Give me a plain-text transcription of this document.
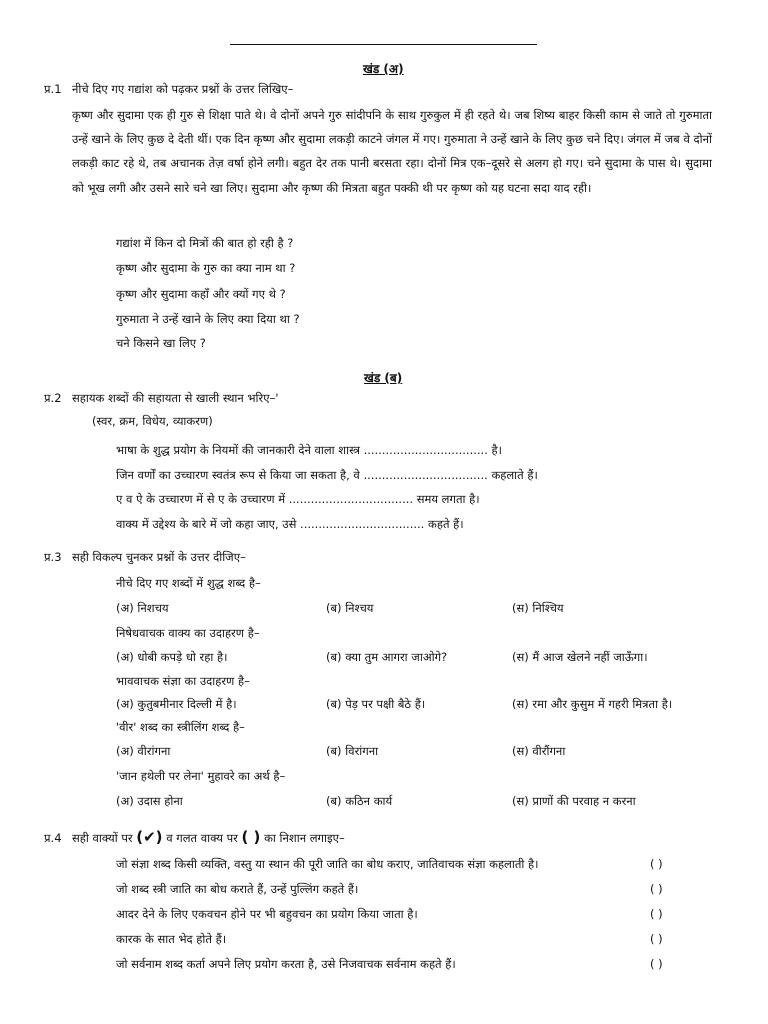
खंड (अ)
प्र.1 नीचे दिए गए गद्यांश को पढ़कर प्रश्नों के उत्तर लिखिए–
कृष्ण और सुदामा एक ही गुरु से शिक्षा पाते थे। वे दोनों अपने गुरु सांदीपनि के साथ गुरुकुल में ही रहते थे। जब शिष्य बाहर किसी काम से जाते तो गुरुमाता उन्हें खाने के लिए कुछ दे देती थीं। एक दिन कृष्ण और सुदामा लकड़ी काटने जंगल में गए। गुरुमाता ने उन्हें खाने के लिए कुछ चने दिए। जंगल में जब वे दोनों लकड़ी काट रहे थे, तब अचानक तेज़ वर्षा होने लगी। बहुत देर तक पानी बरसता रहा। दोनों मित्र एक–दूसरे से अलग हो गए। चने सुदामा के पास थे। सुदामा को भूख लगी और उसने सारे चने खा लिए। सुदामा और कृष्ण की मित्रता बहुत पक्की थी पर कृष्ण को यह घटना सदा याद रही।
गद्यांश में किन दो मित्रों की बात हो रही है ?
कृष्ण और सुदामा के गुरु का क्या नाम था ?
कृष्ण और सुदामा कहाँ और क्यों गए थे ?
गुरुमाता ने उन्हें खाने के लिए क्या दिया था ?
चने किसने खा लिए ?
खंड (ब)
प्र.2 सहायक शब्दों की सहायता से खाली स्थान भरिए–'
(स्वर, क्रम, विधेय, व्याकरण)
भाषा के शुद्ध प्रयोग के नियमों की जानकारी देने वाला शास्त्र .................................. है।
जिन वर्णों का उच्चारण स्वतंत्र रूप से किया जा सकता है, वे .................................. कहलाते हैं।
ए व ऐ के उच्चारण में से ए के उच्चारण में .................................. समय लगता है।
वाक्य में उद्देश्य के बारे में जो कहा जाए, उसे .................................. कहते हैं।
प्र.3 सही विकल्प चुनकर प्रश्नों के उत्तर दीजिए–
नीचे दिए गए शब्दों में शुद्ध शब्द है–
(अ) निशचय	(ब) निश्चय	(स) निश्चिय
निषेधवाचक वाक्य का उदाहरण है–
(अ) धोबी कपड़े धो रहा है।	(ब) क्या तुम आगरा जाओगे?	(स) मैं आज खेलने नहीं जाऊँगा।
भाववाचक संज्ञा का उदाहरण है–
(अ) कुतुबमीनार दिल्ली में है।	(ब) पेड़ पर पक्षी बैठे हैं।	(स) रमा और कुसुम में गहरी मित्रता है।
'वीर' शब्द का स्त्रीलिंग शब्द है–
(अ) वीरांगना	(ब) विरांगना	(स) वीरौंगना
'जान हथेली पर लेना' मुहावरे का अर्थ है–
(अ) उदास होना	(ब) कठिन कार्य	(स) प्राणों की परवाह न करना
प्र.4 सही वाक्यों पर (✔) व गलत वाक्य पर ( ) का निशान लगाइए–
जो संज्ञा शब्द किसी व्यक्ति, वस्तु या स्थान की पूरी जाति का बोध कराए, जातिवाचक संज्ञा कहलाती है।	( )
जो शब्द स्त्री जाति का बोध कराते हैं, उन्हें पुल्लिंग कहते हैं।	( )
आदर देने के लिए एकवचन होने पर भी बहुवचन का प्रयोग किया जाता है।	( )
कारक के सात भेद होते हैं।	( )
जो सर्वनाम शब्द कर्ता अपने लिए प्रयोग करता है, उसे निजवाचक सर्वनाम कहते हैं।	( )
